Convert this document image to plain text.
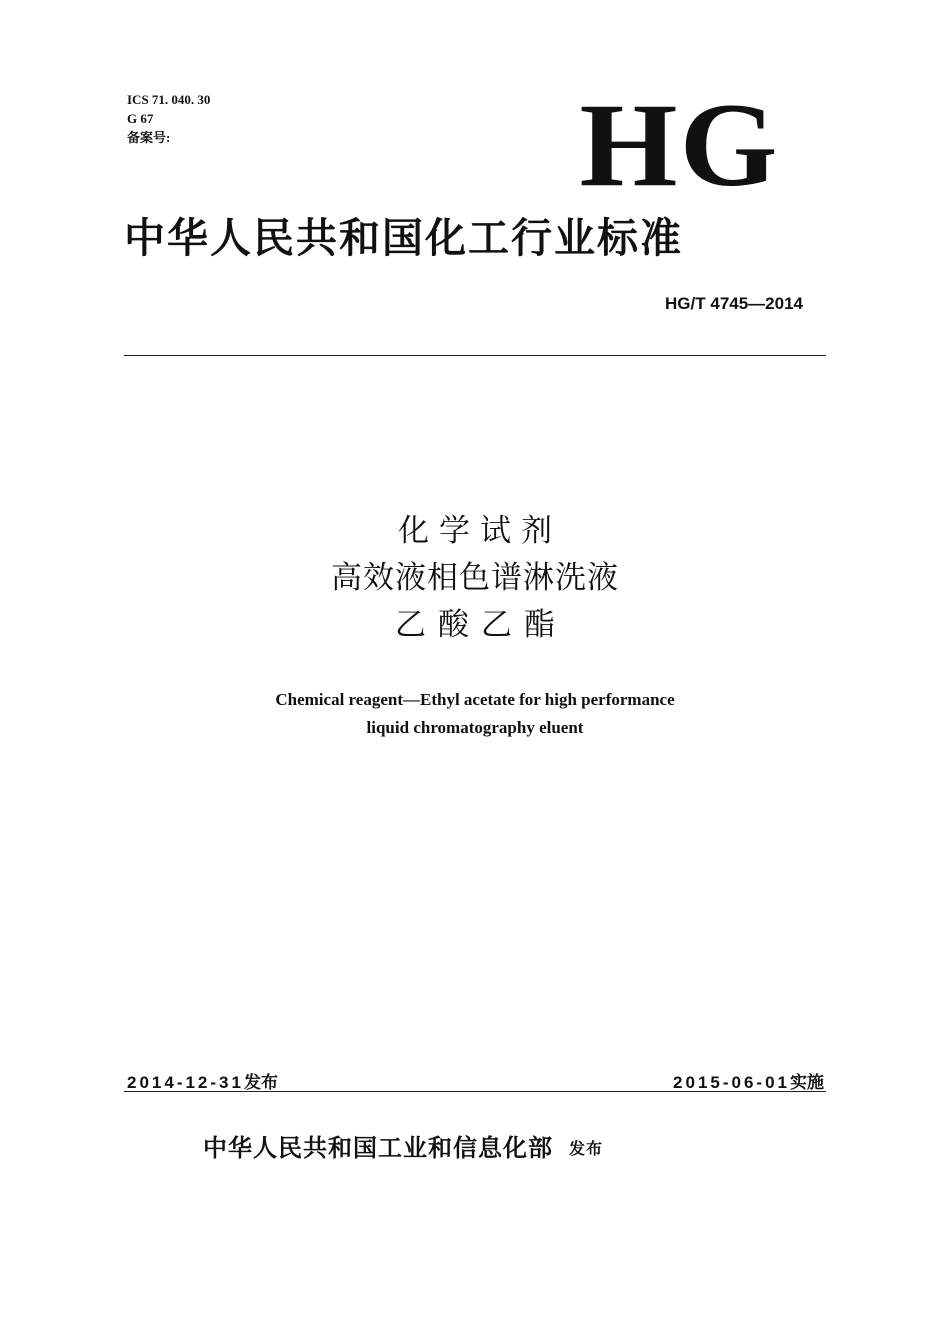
ICS 71. 040. 30
G 67
备案号:	HG
中华人民共和国化工行业标准
HG/T 4745—2014
化学试剂
高效液相色谱淋洗液
乙酸乙酯
Chemical reagent—Ethyl acetate for high performance
liquid chromatography eluent
2014-12-31发布	2015-06-01实施
中华人民共和国工业和信息化部 发布
